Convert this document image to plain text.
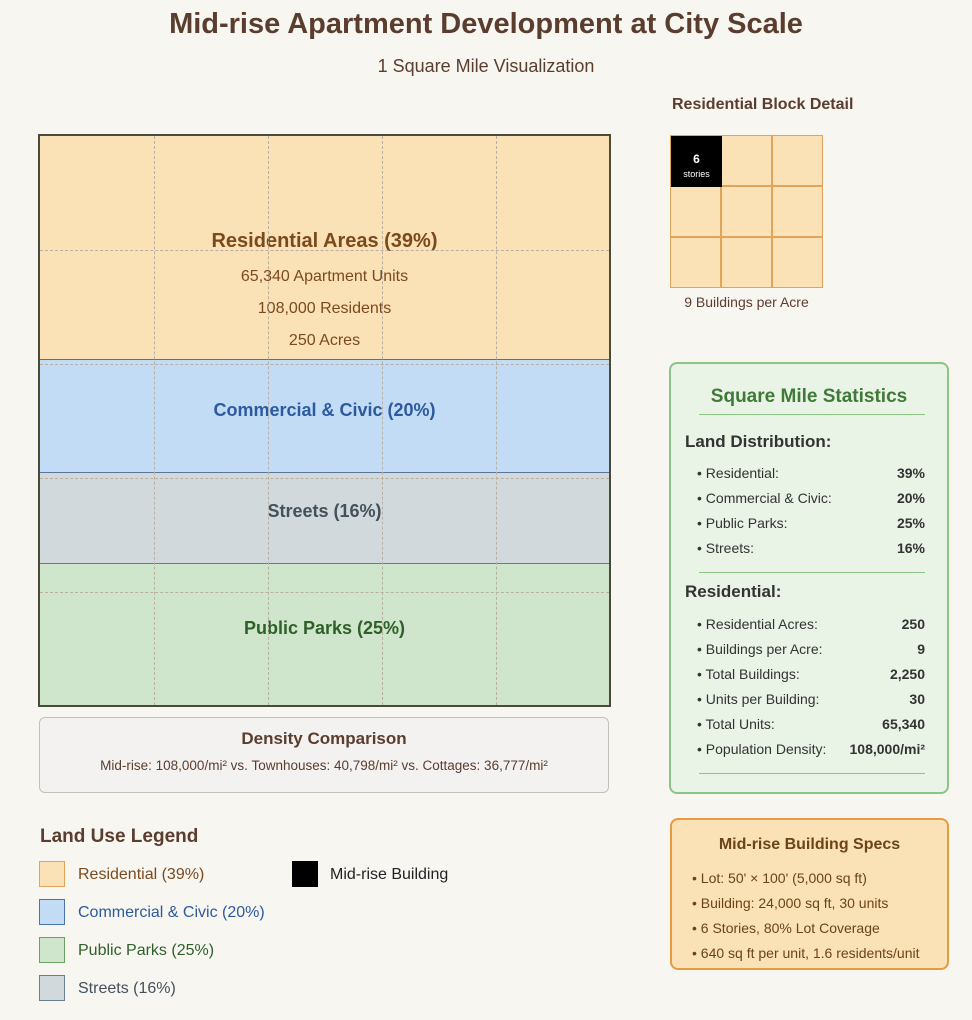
Mid-rise Apartment Development at City Scale
1 Square Mile Visualization
Residential Areas (39%)
65,340 Apartment Units
108,000 Residents
250 Acres
Commercial & Civic (20%)
Streets (16%)
Public Parks (25%)
Density Comparison
Mid-rise: 108,000/mi² vs. Townhouses: 40,798/mi² vs. Cottages: 36,777/mi²
Land Use Legend
Residential (39%)
Commercial & Civic (20%)
Public Parks (25%)
Streets (16%)
Mid-rise Building
Residential Block Detail
6
stories
9 Buildings per Acre
Square Mile Statistics
Land Distribution:
• Residential:	39%
• Commercial & Civic:	20%
• Public Parks:	25%
• Streets:	16%
Residential:
• Residential Acres:	250
• Buildings per Acre:	9
• Total Buildings:	2,250
• Units per Building:	30
• Total Units:	65,340
• Population Density: 108,000/mi²
Mid-rise Building Specs
• Lot: 50' × 100' (5,000 sq ft)
• Building: 24,000 sq ft, 30 units
• 6 Stories, 80% Lot Coverage
• 640 sq ft per unit, 1.6 residents/unit
